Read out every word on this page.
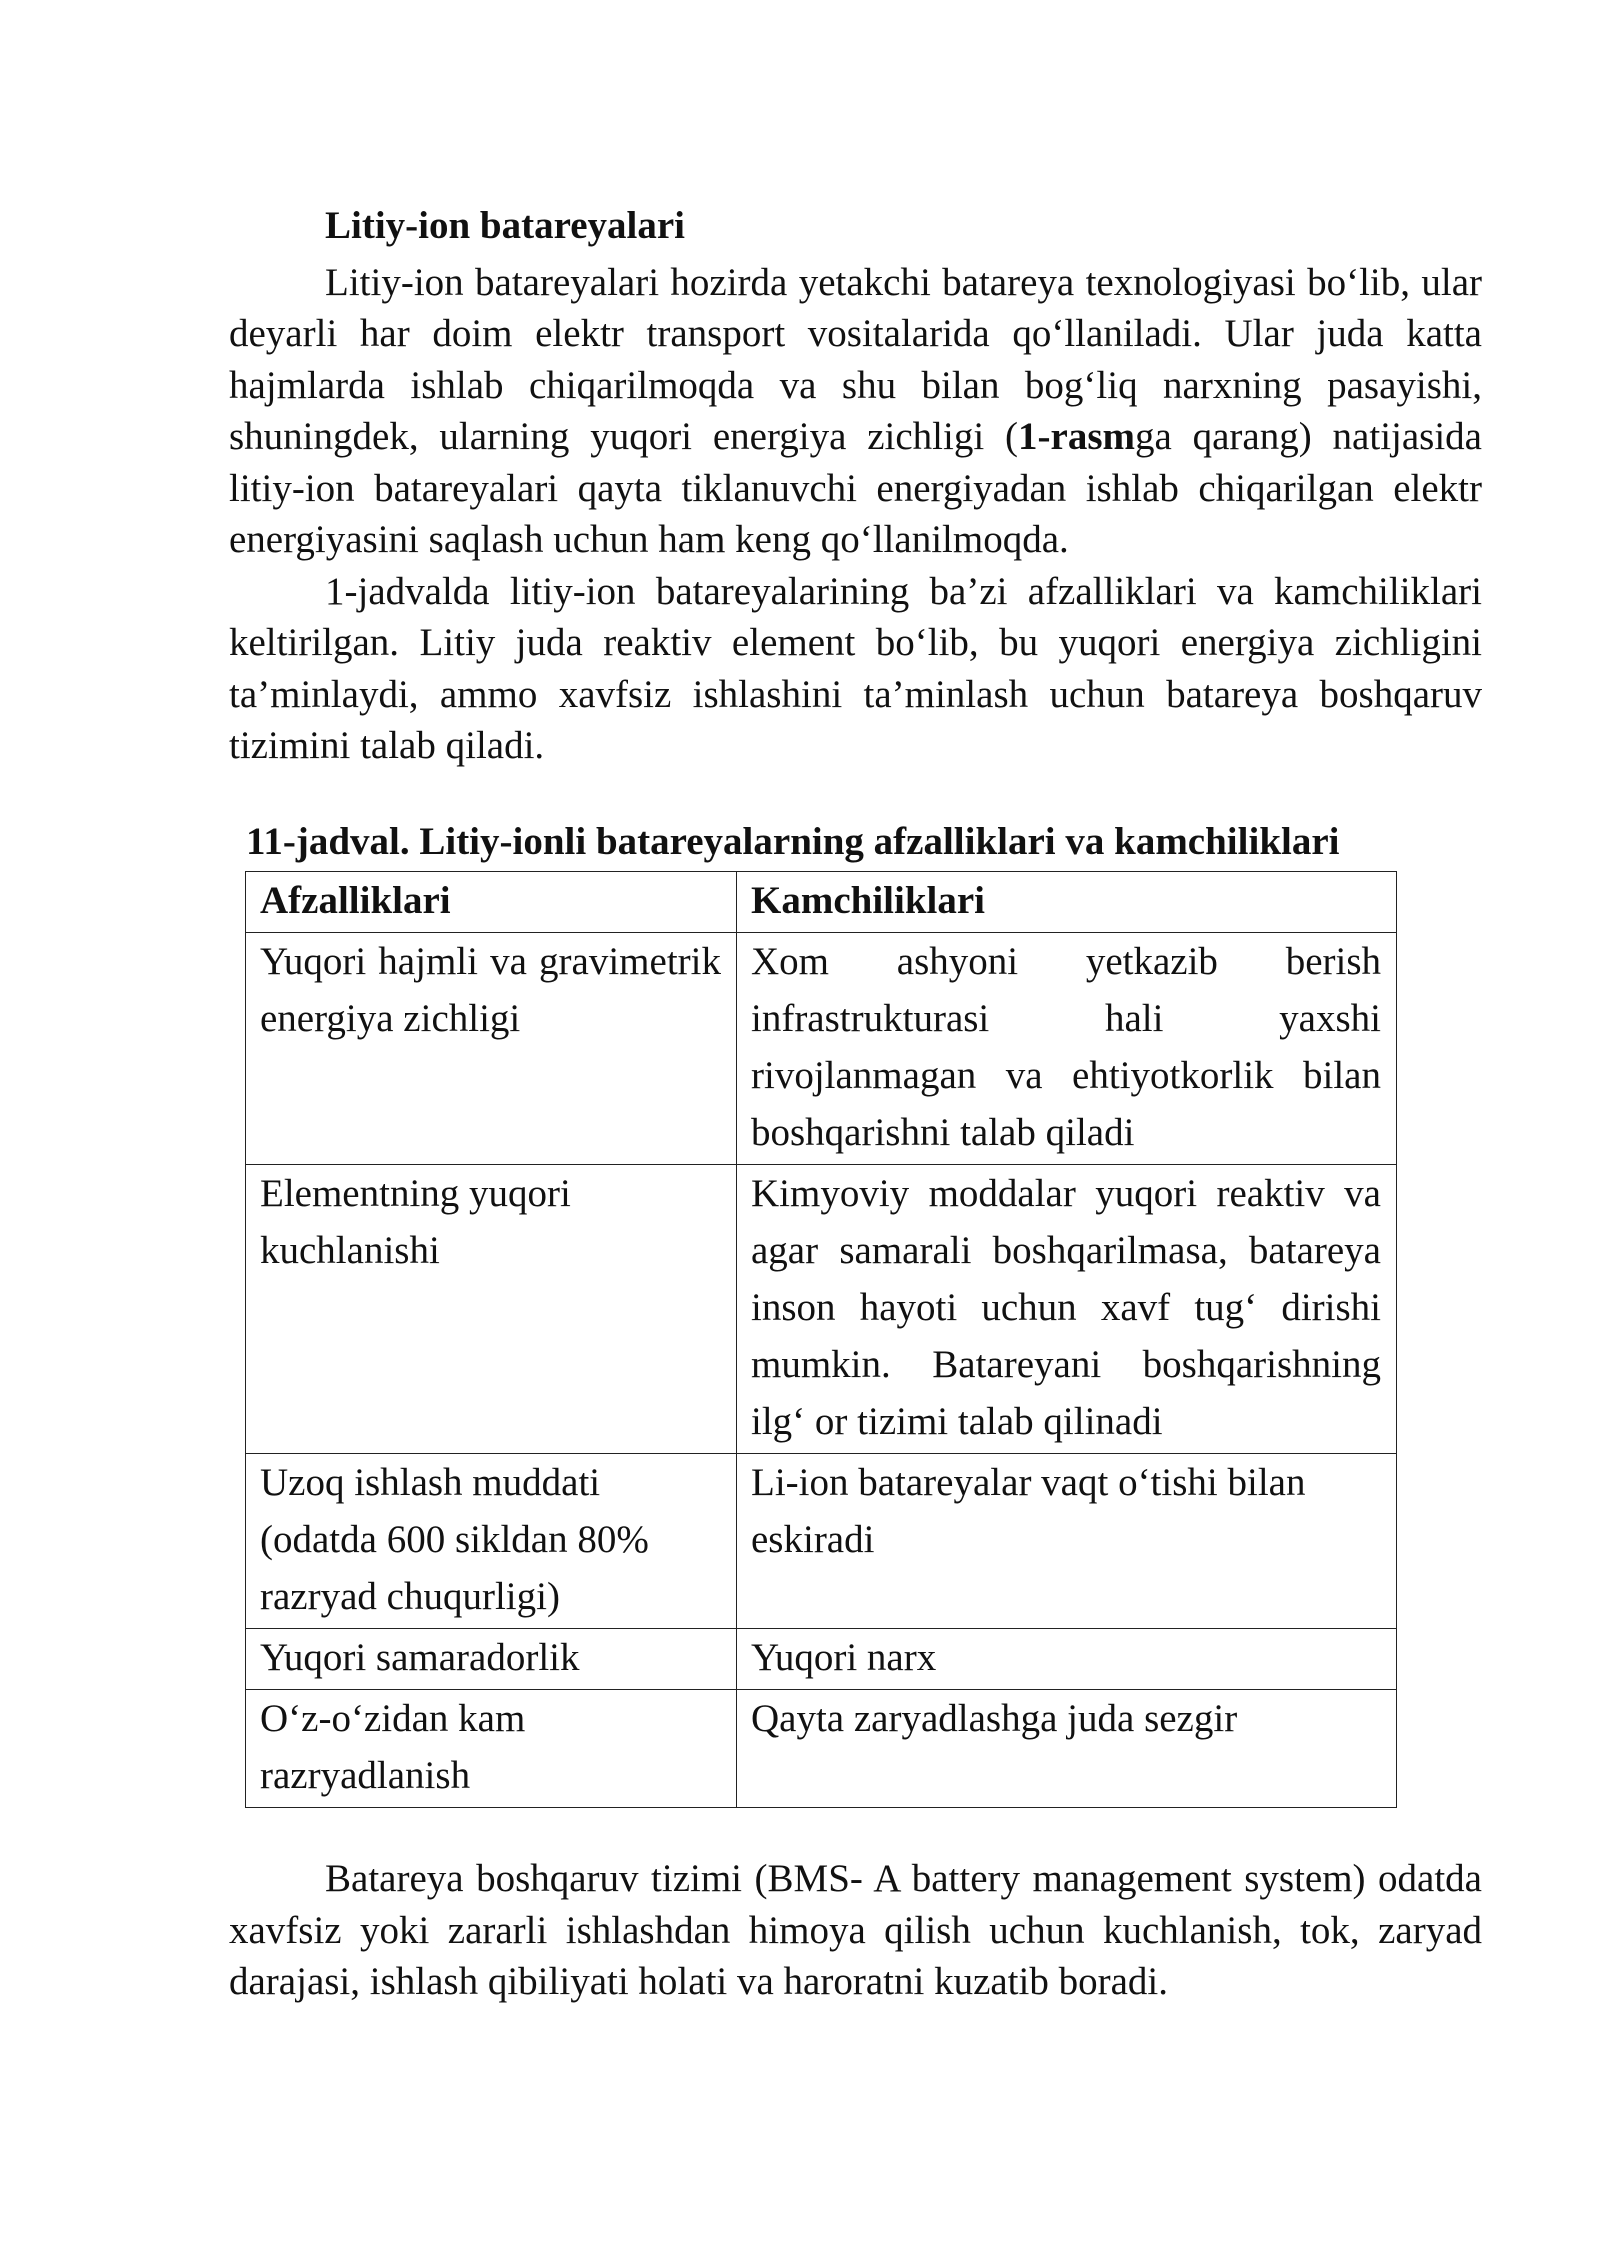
Litiy-ion batareyalari

Litiy-ion batareyalari hozirda yetakchi batareya texnologiyasi bo‘lib, ular deyarli har doim elektr transport vositalarida qo‘llaniladi. Ular juda katta hajmlarda ishlab chiqarilmoqda va shu bilan bog‘liq narxning pasayishi, shuningdek, ularning yuqori energiya zichligi (1-rasmga qarang) natijasida litiy-ion batareyalari qayta tiklanuvchi energiyadan ishlab chiqarilgan elektr energiyasini saqlash uchun ham keng qo‘llanilmoqda.

1-jadvalda litiy-ion batareyalarining ba’zi afzalliklari va kamchiliklari keltirilgan. Litiy juda reaktiv element bo‘lib, bu yuqori energiya zichligini ta’minlaydi, ammo xavfsiz ishlashini ta’minlash uchun batareya boshqaruv tizimini talab qiladi.

11-jadval. Litiy-ionli batareyalarning afzalliklari va kamchiliklari

Afzalliklari	Kamchiliklari
Yuqori hajmli va gravimetrik energiya zichligi	Xom ashyoni yetkazib berish infrastrukturasi hali yaxshi rivojlanmagan va ehtiyotkorlik bilan boshqarishni talab qiladi
Elementning yuqori kuchlanishi	Kimyoviy moddalar yuqori reaktiv va agar samarali boshqarilmasa, batareya inson hayoti uchun xavf tug‘ dirishi mumkin. Batareyani boshqarishning ilg‘ or tizimi talab qilinadi
Uzoq ishlash muddati (odatda 600 sikldan 80% razryad chuqurligi)	Li-ion batareyalar vaqt o‘tishi bilan eskiradi
Yuqori samaradorlik	Yuqori narx
O‘z-o‘zidan kam razryadlanish	Qayta zaryadlashga juda sezgir

Batareya boshqaruv tizimi (BMS- A battery management system) odatda xavfsiz yoki zararli ishlashdan himoya qilish uchun kuchlanish, tok, zaryad darajasi, ishlash qibiliyati holati va haroratni kuzatib boradi.
